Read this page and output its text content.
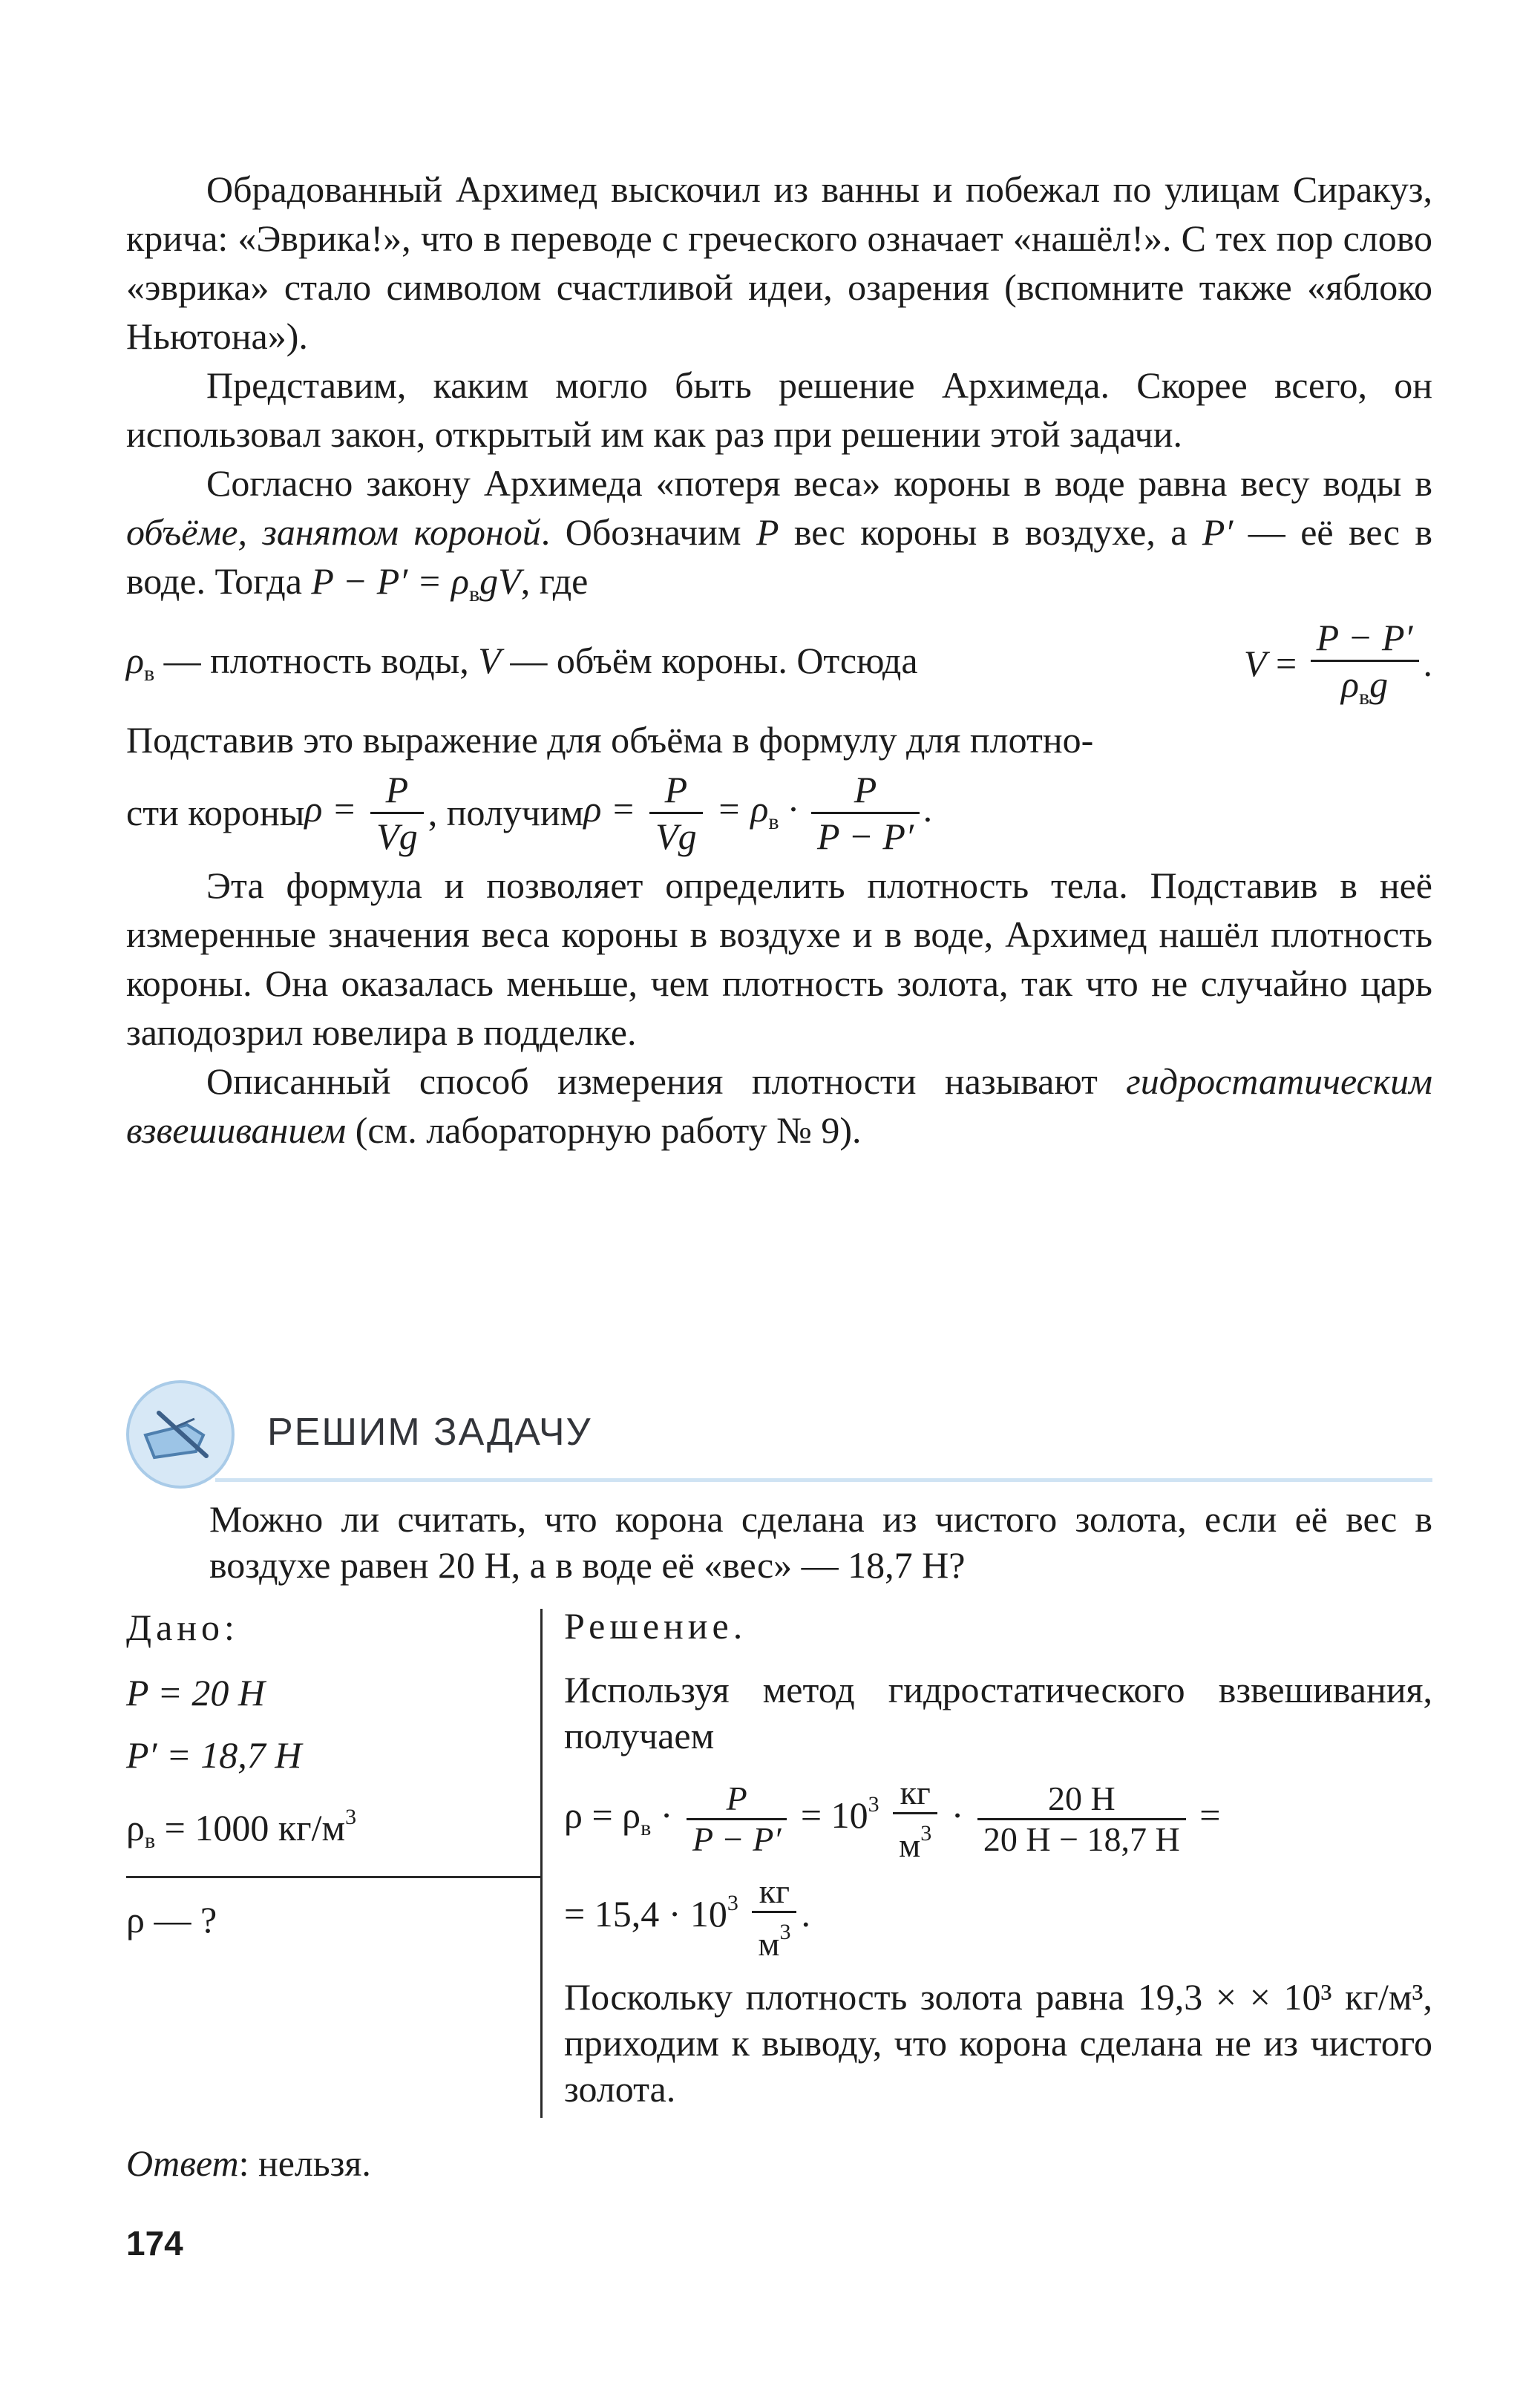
Обрадованный Архимед выскочил из ванны и побежал по улицам Сиракуз, крича: «Эврика!», что в переводе с греческого означает «нашёл!». С тех пор слово «эврика» стало символом счастливой идеи, озарения (вспомните также «яблоко Ньютона»).

Представим, каким могло быть решение Архимеда. Скорее всего, он использовал закон, открытый им как раз при решении этой задачи.

Согласно закону Архимеда «потеря веса» короны в воде равна весу воды в объёме, занятом короной. Обозначим P вес короны в воздухе, а P′ — её вес в воде. Тогда $P - P' = \rho_вgV$, где

$\rho_в$ — плотность воды, V — объём короны. Отсюда	$V = \frac{P - P'}{\rho_вg}$ .

Подставив это выражение для объёма в формулу для плотно-

сти короны $\rho = \frac{P}{Vg}$ , получим $\rho = \frac{P}{Vg} = \rho_в \cdot \frac{P}{P - P'}$ .

Эта формула и позволяет определить плотность тела. Подставив в неё измеренные значения веса короны в воздухе и в воде, Архимед нашёл плотность короны. Она оказалась меньше, чем плотность золота, так что не случайно царь заподозрил ювелира в подделке.

Описанный способ измерения плотности называют гидростатическим взвешиванием (см. лабораторную работу № 9).

РЕШИМ ЗАДАЧУ
Можно ли считать, что корона сделана из чистого золота, если её вес в воздухе равен 20 Н, а в воде её «вес» — 18,7 Н?
Дано:
P = 20 Н
P′ = 18,7 Н
$\rho_в = 1000$ $кг/м^3$
ρ — ?
Решение.
Используя метод гидростатического взвешивания, получаем
$\rho = \rho_в \cdot \frac{P}{P - P'} = 10^3 \frac{кг}{м^3} \cdot \frac{20 Н}{20 Н - 18,7 Н}$ =
= $15,4 \cdot 10^3 \frac{кг}{м^3}$ .
Поскольку плотность золота равна 19,3 × × 10³ кг/м³, приходим к выводу, что корона сделана не из чистого золота.
Ответ: нельзя.
174
